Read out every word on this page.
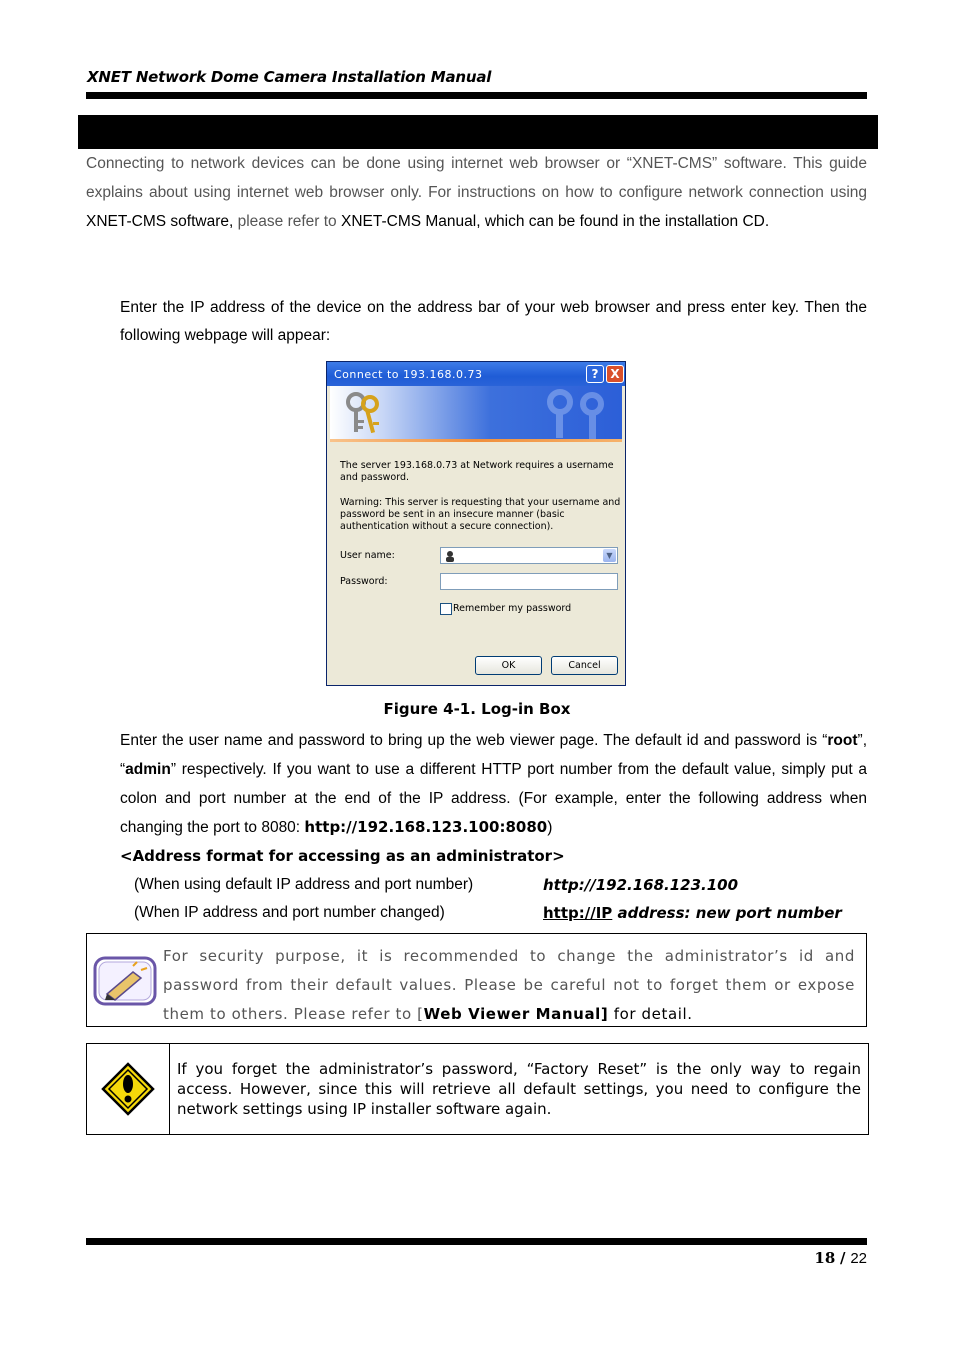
XNET Network Dome Camera Installation Manual
Connecting to network devices can be done using internet web browser or “XNET-CMS” software. This guide explains about using internet web browser only. For instructions on how to configure network connection using XNET-CMS software, please refer to XNET-CMS Manual, which can be found in the installation CD.
Enter the IP address of the device on the address bar of your web browser and press enter key. Then the following webpage will appear:
Connect to 193.168.0.73	? X
The server 193.168.0.73 at Network requires a username and password.
Warning: This server is requesting that your username and password be sent in an insecure manner (basic authentication without a secure connection).
User name:	▼
Password:
Remember my password
OK	Cancel
Figure 4-1. Log-in Box
Enter the user name and password to bring up the web viewer page. The default id and password is “root”, “admin” respectively. If you want to use a different HTTP port number from the default value, simply put a colon and port number at the end of the IP address. (For example, enter the following address when changing the port to 8080: http://192.168.123.100:8080)
<Address format for accessing as an administrator>
(When using default IP address and port number)	http://192.168.123.100
(When IP address and port number changed)	http://IP address: new port number
For security purpose, it is recommended to change the administrator’s id and password from their default values. Please be careful not to forget them or expose them to others. Please refer to [Web Viewer Manual] for detail.
If you forget the administrator’s password, “Factory Reset” is the only way to regain access. However, since this will retrieve all default settings, you need to configure the network settings using IP installer software again.
18 / 22
